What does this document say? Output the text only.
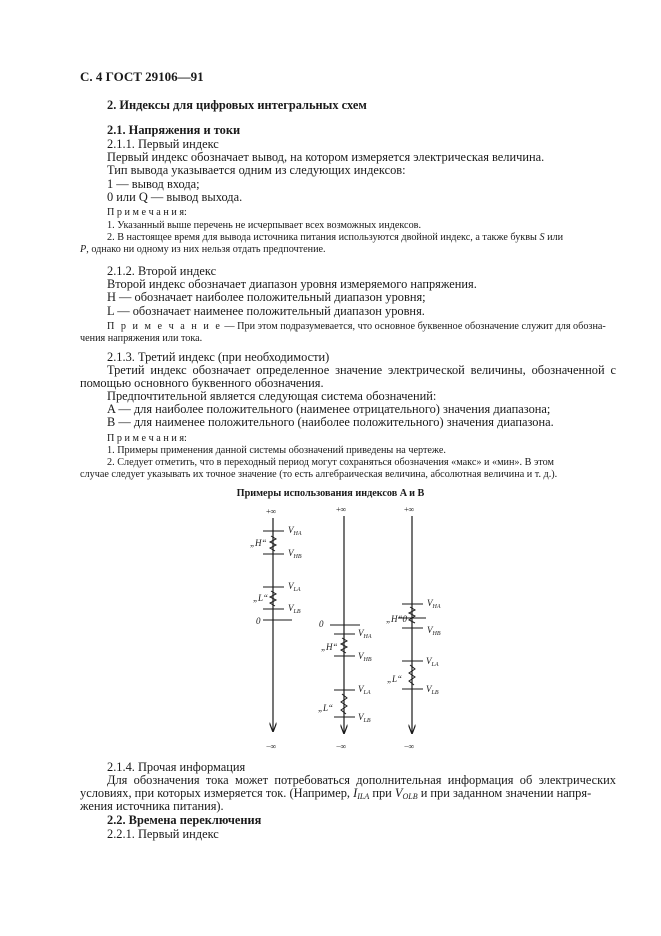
С. 4 ГОСТ 29106—91
2. Индексы для цифровых интегральных схем
2.1. Напряжения и токи
2.1.1. Первый индекс
Первый индекс обозначает вывод, на котором измеряется электрическая величина.
Тип вывода указывается одним из следующих индексов:
1 — вывод входа;
0 или Q — вывод выхода.
П р и м е ч а н и я:
1. Указанный выше перечень не исчерпывает всех возможных индексов.
2. В настоящее время для вывода источника питания используются двойной индекс, а также буквы S или
P, однако ни одному из них нельзя отдать предпочтение.
2.1.2. Второй индекс
Второй индекс обозначает диапазон уровня измеряемого напряжения.
H — обозначает наиболее положительный диапазон уровня;
L — обозначает наименее положительный диапазон уровня.
П р и м е ч а н и е — При этом подразумевается, что основное буквенное обозначение служит для обозна-
чения напряжения или тока.
2.1.3. Третий индекс (при необходимости)
Третий индекс обозначает определенное значение электрической величины, обозначенной с
помощью основного буквенного обозначения.
Предпочтительной является следующая система обозначений:
A — для наиболее положительного (наименее отрицательного) значения диапазона;
B — для наименее положительного (наиболее положительного) значения диапазона.
П р и м е ч а н и я:
1. Примеры применения данной системы обозначений приведены на чертеже.
2. Следует отметить, что в переходный период могут сохраняться обозначения «макс» и «мин». В этом
случае следует указывать их точное значение (то есть алгебраическая величина, абсолютная величина и т. д.).
Примеры использования индексов A и B
+∞
$V_{HA}$
$V_{HB}$
„H“
$V_{LA}$
$V_{LB}$
„L“
0
−∞
+∞
0
$V_{HA}$
$V_{HB}$
„H“
$V_{LA}$
$V_{LB}$
„L“
−∞
+∞
$V_{HA}$
$V_{HB}$
„H“0
$V_{LA}$
$V_{LB}$
„L“
−∞
2.1.4. Прочая информация
Для обозначения тока может потребоваться дополнительная информация об электрических
условиях, при которых измеряется ток. (Например, $I_{ILA}$ при $V_{OLB}$ и при заданном значении напря-
жения источника питания).
2.2. Времена переключения
2.2.1. Первый индекс
